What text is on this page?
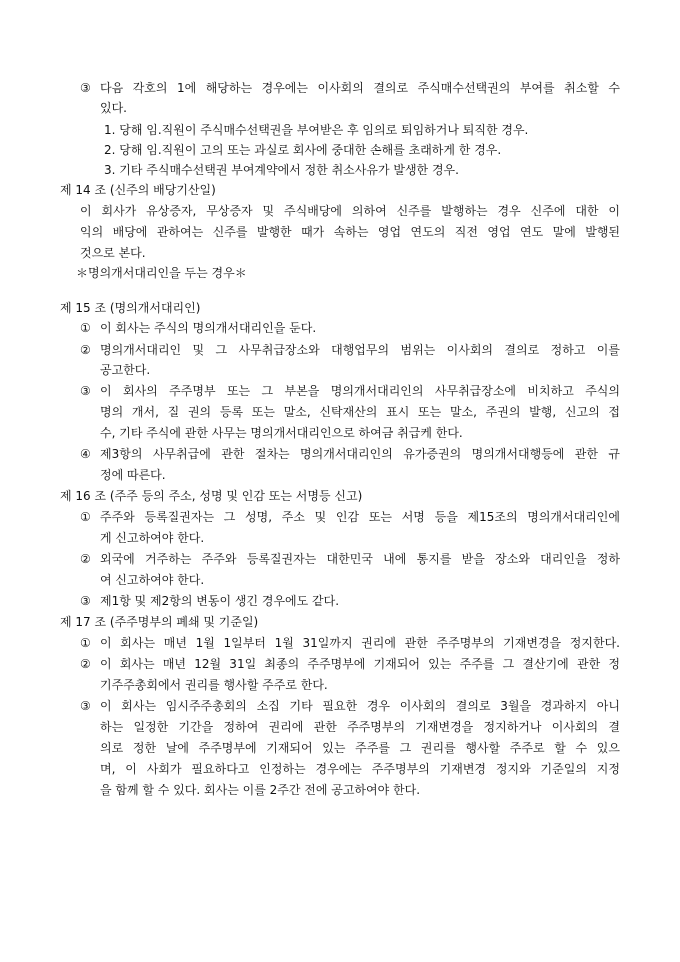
③ 다음 각호의 1에 해당하는 경우에는 이사회의 결의로 주식매수선택권의 부여를 취소할 수
있다.
1. 당해 임.직원이 주식매수선택권을 부여받은 후 임의로 퇴임하거나 퇴직한 경우.
2. 당해 임.직원이 고의 또는 과실로 회사에 중대한 손해를 초래하게 한 경우.
3. 기타 주식매수선택권 부여계약에서 정한 취소사유가 발생한 경우.
제 14 조 (신주의 배당기산일)
이 회사가 유상증자, 무상증자 및 주식배당에 의하여 신주를 발행하는 경우 신주에 대한 이
익의 배당에 관하여는 신주를 발행한 때가 속하는 영업 연도의 직전 영업 연도 말에 발행된
것으로 본다.
＊명의개서대리인을 두는 경우＊
제 15 조 (명의개서대리인)
① 이 회사는 주식의 명의개서대리인을 둔다.
② 명의개서대리인 및 그 사무취급장소와 대행업무의 범위는 이사회의 결의로 정하고 이를
공고한다.
③ 이 회사의 주주명부 또는 그 부본을 명의개서대리인의 사무취급장소에 비치하고 주식의
명의 개서, 질 권의 등록 또는 말소, 신탁재산의 표시 또는 말소, 주권의 발행, 신고의 접
수, 기타 주식에 관한 사무는 명의개서대리인으로 하여금 취급케 한다.
④ 제3항의 사무취급에 관한 절차는 명의개서대리인의 유가증권의 명의개서대행등에 관한 규
정에 따른다.
제 16 조 (주주 등의 주소, 성명 및 인감 또는 서명등 신고)
① 주주와 등록질권자는 그 성명, 주소 및 인감 또는 서명 등을 제15조의 명의개서대리인에
게 신고하여야 한다.
② 외국에 거주하는 주주와 등록질권자는 대한민국 내에 통지를 받을 장소와 대리인을 정하
여 신고하여야 한다.
③ 제1항 및 제2항의 변동이 생긴 경우에도 같다.
제 17 조 (주주명부의 폐쇄 및 기준일)
① 이 회사는 매년 1월 1일부터 1월 31일까지 권리에 관한 주주명부의 기재변경을 정지한다.
② 이 회사는 매년 12월 31일 최종의 주주명부에 기재되어 있는 주주를 그 결산기에 관한 정
기주주총회에서 권리를 행사할 주주로 한다.
③ 이 회사는 임시주주총회의 소집 기타 필요한 경우 이사회의 결의로 3월을 경과하지 아니
하는 일정한 기간을 정하여 권리에 관한 주주명부의 기재변경을 정지하거나 이사회의 결
의로 정한 날에 주주명부에 기재되어 있는 주주를 그 권리를 행사할 주주로 할 수 있으
며, 이 사회가 필요하다고 인정하는 경우에는 주주명부의 기재변경 정지와 기준일의 지정
을 함께 할 수 있다. 회사는 이를 2주간 전에 공고하여야 한다.
